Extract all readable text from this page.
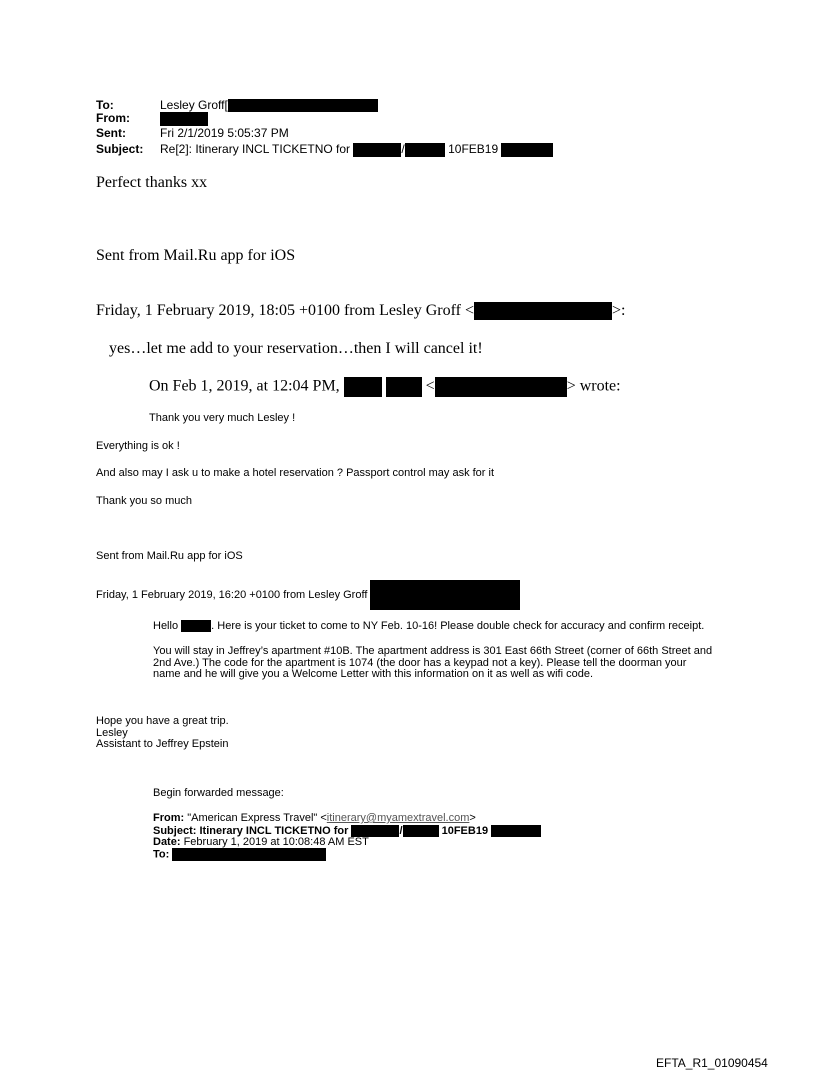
To:	Lesley Groff[
From:
Sent:	Fri 2/1/2019 5:05:37 PM
Subject: Re[2]: Itinerary INCL TICKETNO for	/	10FEB19
Perfect thanks xx
Sent from Mail.Ru app for iOS
Friday, 1 February 2019, 18:05 +0100 from Lesley Groff <	>:
yes…let me add to your reservation…then I will cancel it!
On Feb 1, 2019, at 12:04 PM,	<	> wrote:
Thank you very much Lesley !
Everything is ok !
And also may I ask u to make a hotel reservation ? Passport control may ask for it
Thank you so much
Sent from Mail.Ru app for iOS
Friday, 1 February 2019, 16:20 +0100 from Lesley Groff
Hello	. Here is your ticket to come to NY Feb. 10-16! Please double check for accuracy and confirm receipt.
You will stay in Jeffrey’s apartment #10B. The apartment address is 301 East 66th Street (corner of 66th Street and 2nd Ave.) The code for the apartment is 1074 (the door has a keypad not a key). Please tell the doorman your name and he will give you a Welcome Letter with this information on it as well as wifi code.
Hope you have a great trip.
Lesley
Assistant to Jeffrey Epstein
Begin forwarded message:
From: "American Express Travel" <itinerary@myamextravel.com>
Subject: Itinerary INCL TICKETNO for	/	10FEB19
Date: February 1, 2019 at 10:08:48 AM EST
To:
EFTA_R1_01090454
